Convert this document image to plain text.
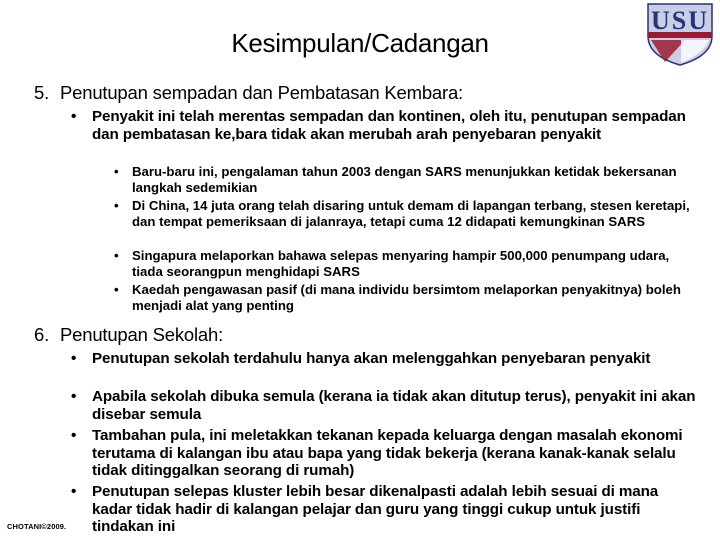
Kesimpulan/Cadangan
USU
5. Penutupan sempadan dan Pembatasan Kembara:
• Penyakit ini telah merentas sempadan dan kontinen, oleh itu, penutupan sempadan dan pembatasan ke,bara tidak akan merubah arah penyebaran penyakit
• Baru-baru ini, pengalaman tahun 2003 dengan SARS menunjukkan ketidak bekersanan langkah sedemikian
• Di China, 14 juta orang telah disaring untuk demam di lapangan terbang, stesen keretapi, dan tempat pemeriksaan di jalanraya, tetapi cuma 12 didapati kemungkinan SARS
• Singapura melaporkan bahawa selepas menyaring hampir 500,000 penumpang udara, tiada seorangpun menghidapi SARS
• Kaedah pengawasan pasif (di mana individu bersimtom melaporkan penyakitnya) boleh menjadi alat yang penting
6. Penutupan Sekolah:
• Penutupan sekolah terdahulu hanya akan melenggahkan penyebaran penyakit
• Apabila sekolah dibuka semula (kerana ia tidak akan ditutup terus), penyakit ini akan disebar semula
• Tambahan pula, ini meletakkan tekanan kepada keluarga dengan masalah ekonomi terutama di kalangan ibu atau bapa yang tidak bekerja (kerana kanak-kanak selalu tidak ditinggalkan seorang di rumah)
• Penutupan selepas kluster lebih besar dikenalpasti adalah lebih sesuai di mana kadar tidak hadir di kalangan pelajar dan guru yang tinggi cukup untuk justifi tindakan ini
CHOTANI©2009.
